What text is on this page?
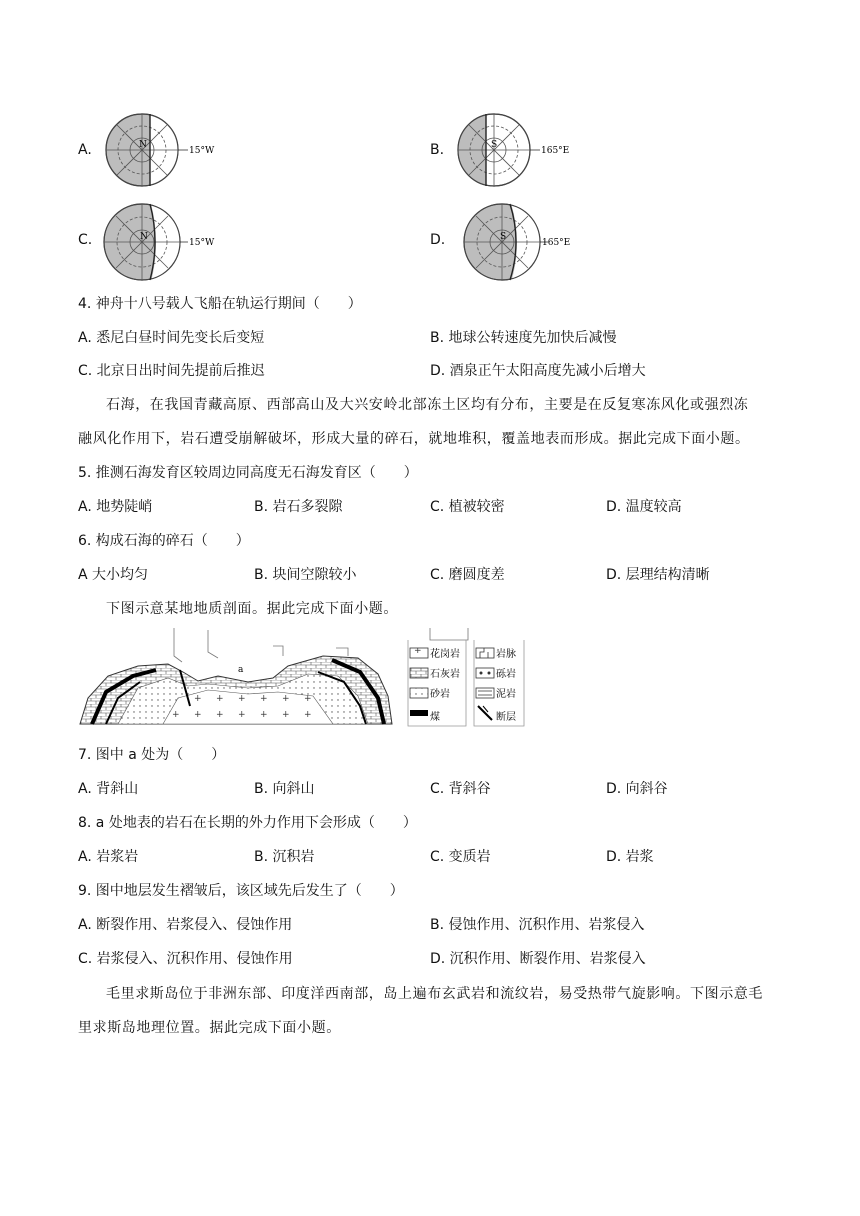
A.	N
15°W	B.	S
165°E
C.	N
15°W	D.	S
165°E
4. 神舟十八号载人飞船在轨运行期间（　　）
A. 悉尼白昼时间先变长后变短	B. 地球公转速度先加快后减慢
C. 北京日出时间先提前后推迟	D. 酒泉正午太阳高度先减小后增大
石海，在我国青藏高原、西部高山及大兴安岭北部冻土区均有分布，主要是在反复寒冻风化或强烈冻
融风化作用下，岩石遭受崩解破坏，形成大量的碎石，就地堆积，覆盖地表而形成。据此完成下面小题。
5. 推测石海发育区较周边同高度无石海发育区（　　）
A. 地势陡峭	B. 岩石多裂隙	C. 植被较密	D. 温度较高
6. 构成石海的碎石（　　）
A 大小均匀	B. 块间空隙较小	C. 磨圆度差	D. 层理结构清晰
下图示意某地地质剖面。据此完成下面小题。
a
花岗岩	岩脉
石灰岩	砾岩
砂岩	泥岩
煤	断层
7. 图中 a 处为（　　）
A. 背斜山	B. 向斜山	C. 背斜谷	D. 向斜谷
8. a 处地表的岩石在长期的外力作用下会形成（　　）
A. 岩浆岩	B. 沉积岩	C. 变质岩	D. 岩浆
9. 图中地层发生褶皱后，该区域先后发生了（　　）
A. 断裂作用、岩浆侵入、侵蚀作用	B. 侵蚀作用、沉积作用、岩浆侵入
C. 岩浆侵入、沉积作用、侵蚀作用	D. 沉积作用、断裂作用、岩浆侵入
毛里求斯岛位于非洲东部、印度洋西南部，岛上遍布玄武岩和流纹岩，易受热带气旋影响。下图示意毛
里求斯岛地理位置。据此完成下面小题。
